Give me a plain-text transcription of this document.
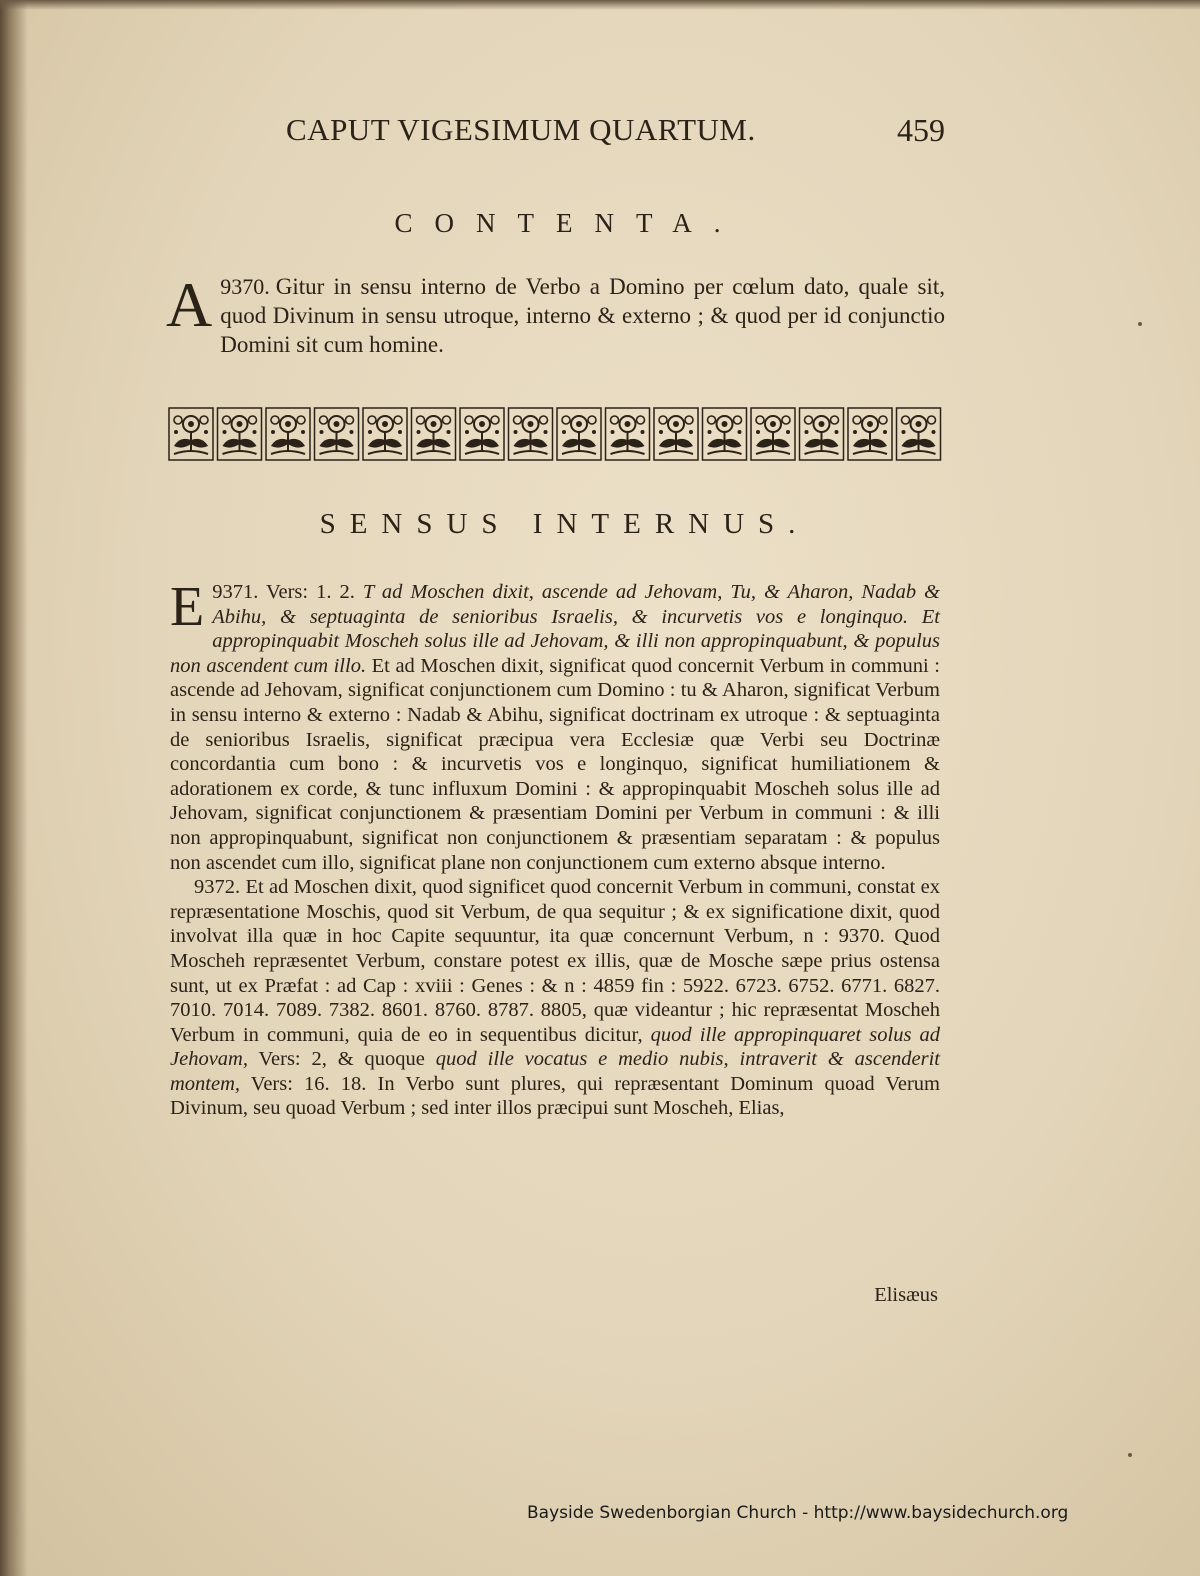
CAPUT VIGESIMUM QUARTUM.	459
CONTENTA.
9370.
A	Gitur in sensu interno de Verbo a Domino per cœlum dato, quale sit, quod Divinum in sensu utroque, interno & externo ; & quod per id conjunctio Domini sit cum homine.
SENSUS INTERNUS.

9371. Vers: 1. 2.
E	T ad Moschen dixit, ascende ad Jehovam, Tu, & Aharon, Nadab & Abihu, & septuaginta de senioribus Israelis, & incurvetis vos e longinquo. Et appropinquabit Moscheh solus ille ad Jehovam, & illi non appropinquabunt, & populus non ascendent cum illo. Et ad Moschen dixit, significat quod concernit Verbum in communi : ascende ad Jehovam, significat conjunctionem cum Domino : tu & Aharon, significat Verbum in sensu interno & externo : Nadab & Abihu, significat doctrinam ex utroque : & septuaginta de senioribus Israelis, significat præcipua vera Ecclesiæ quæ Verbi seu Doctrinæ concordantia cum bono : & incurvetis vos e longinquo, significat humiliationem & adorationem ex corde, & tunc influxum Domini : & appropinquabit Moscheh solus ille ad Jehovam, significat conjunctionem & præsentiam Domini per Verbum in communi : & illi non appropinquabunt, significat non conjunctionem & præsentiam separatam : & populus non ascendet cum illo, significat plane non conjunctionem cum externo absque interno.

9372. Et ad Moschen dixit, quod significet quod concernit Verbum in communi, constat ex repræsentatione Moschis, quod sit Verbum, de qua sequitur ; & ex significatione dixit, quod involvat illa quæ in hoc Capite sequuntur, ita quæ concernunt Verbum, n : 9370. Quod Moscheh repræsentet Verbum, constare potest ex illis, quæ de Mosche sæpe prius ostensa sunt, ut ex Præfat : ad Cap : xviii : Genes : & n : 4859 fin : 5922. 6723. 6752. 6771. 6827. 7010. 7014. 7089. 7382. 8601. 8760. 8787. 8805, quæ videantur ; hic repræsentat Moscheh Verbum in communi, quia de eo in sequentibus dicitur, quod ille appropinquaret solus ad Jehovam, Vers: 2, & quoque quod ille vocatus e medio nubis, intraverit & ascenderit montem, Vers: 16. 18. In Verbo sunt plures, qui repræsentant Dominum quoad Verum Divinum, seu quoad Verbum ; sed inter illos præcipui sunt Moscheh, Elias,

Elisæus
Bayside Swedenborgian Church - http://www.baysidechurch.org
